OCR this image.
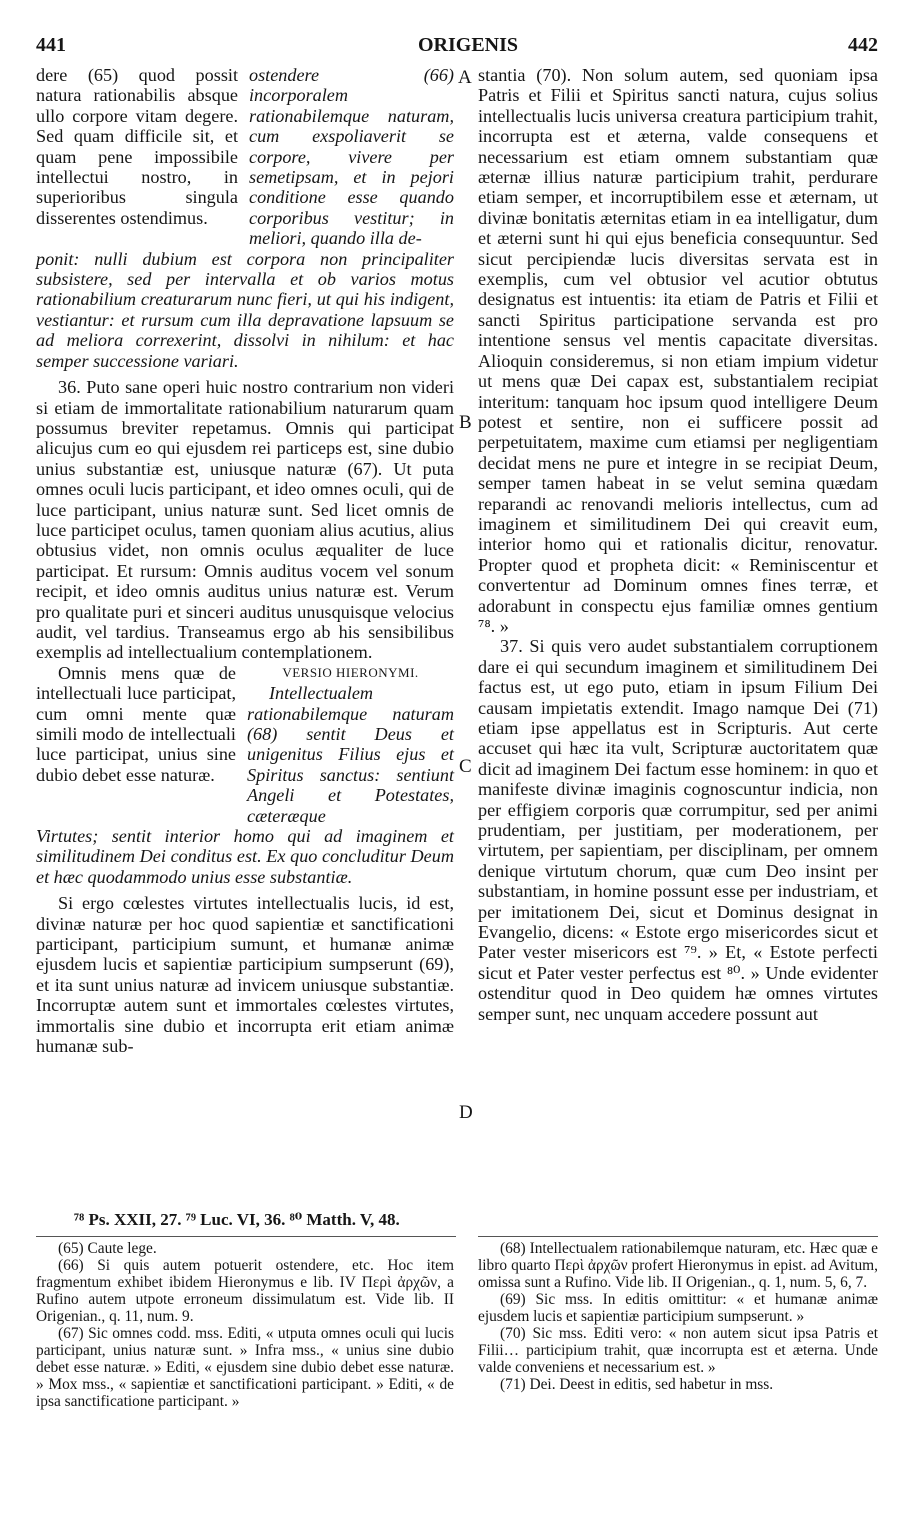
441	ORIGENIS	442
A
B
C
D
dere (65) quod possit natura rationabilis absque ullo corpore vitam degere. Sed quam difficile sit, et quam pene impossibile intellectui nostro, in superioribus singula disserentes ostendimus.
ostendere (66) incorporalem rationabilemque naturam, cum exspoliaverit se corpore, vivere per semetipsam, et in pejori conditione esse quando corporibus vestitur; in meliori, quando illa de-

ponit: nulli dubium est corpora non principaliter subsistere, sed per intervalla et ob varios motus rationabilium creaturarum nunc fieri, ut qui his indigent, vestiantur: et rursum cum illa depravatione lapsuum se ad meliora correxerint, dissolvi in nihilum: et hac semper successione variari.

36. Puto sane operi huic nostro contrarium non videri si etiam de immortalitate rationabilium naturarum quam possumus breviter repetamus. Omnis qui participat alicujus cum eo qui ejusdem rei particeps est, sine dubio unius substantiæ est, uniusque naturæ (67). Ut puta omnes oculi lucis participant, et ideo omnes oculi, qui de luce participant, unius naturæ sunt. Sed licet omnis de luce participet oculus, tamen quoniam alius acutius, alius obtusius videt, non omnis oculus æqualiter de luce participat. Et rursum: Omnis auditus vocem vel sonum recipit, et ideo omnis auditus unius naturæ est. Verum pro qualitate puri et sinceri auditus unusquisque velocius audit, vel tardius. Transeamus ergo ab his sensibilibus exemplis ad intellectualium contemplationem.

Omnis mens quæ de intellectuali luce participat, cum omni mente quæ simili modo de intellectuali luce participat, unius sine dubio debet esse naturæ.
VERSIO HIERONYMI.
Intellectualem rationabilemque naturam (68) sentit Deus et unigenitus Filius ejus et Spiritus sanctus: sentiunt Angeli et Potestates, cæteræque

Virtutes; sentit interior homo qui ad imaginem et similitudinem Dei conditus est. Ex quo concluditur Deum et hæc quodammodo unius esse substantiæ.

Si ergo cœlestes virtutes intellectualis lucis, id est, divinæ naturæ per hoc quod sapientiæ et sanctificationi participant, participium sumunt, et humanæ animæ ejusdem lucis et sapientiæ participium sumpserunt (69), et ita sunt unius naturæ ad invicem uniusque substantiæ. Incorruptæ autem sunt et immortales cœlestes virtutes, immortalis sine dubio et incorrupta erit etiam animæ humanæ sub-

stantia (70). Non solum autem, sed quoniam ipsa Patris et Filii et Spiritus sancti natura, cujus solius intellectualis lucis universa creatura participium trahit, incorrupta est et æterna, valde consequens et necessarium est etiam omnem substantiam quæ æternæ illius naturæ participium trahit, perdurare etiam semper, et incorruptibilem esse et æternam, ut divinæ bonitatis æternitas etiam in ea intelligatur, dum et æterni sunt hi qui ejus beneficia consequuntur. Sed sicut percipiendæ lucis diversitas servata est in exemplis, cum vel obtusior vel acutior obtutus designatus est intuentis: ita etiam de Patris et Filii et sancti Spiritus participatione servanda est pro intentione sensus vel mentis capacitate diversitas. Alioquin consideremus, si non etiam impium videtur ut mens quæ Dei capax est, substantialem recipiat interitum: tanquam hoc ipsum quod intelligere Deum potest et sentire, non ei sufficere possit ad perpetuitatem, maxime cum etiamsi per negligentiam decidat mens ne pure et integre in se recipiat Deum, semper tamen habeat in se velut semina quædam reparandi ac renovandi melioris intellectus, cum ad imaginem et similitudinem Dei qui creavit eum, interior homo qui et rationalis dicitur, renovatur. Propter quod et propheta dicit: « Reminiscentur et convertentur ad Dominum omnes fines terræ, et adorabunt in conspectu ejus familiæ omnes gentium ⁷⁸. »

37. Si quis vero audet substantialem corruptionem dare ei qui secundum imaginem et similitudinem Dei factus est, ut ego puto, etiam in ipsum Filium Dei causam impietatis extendit. Imago namque Dei (71) etiam ipse appellatus est in Scripturis. Aut certe accuset qui hæc ita vult, Scripturæ auctoritatem quæ dicit ad imaginem Dei factum esse hominem: in quo et manifeste divinæ imaginis cognoscuntur indicia, non per effigiem corporis quæ corrumpitur, sed per animi prudentiam, per justitiam, per moderationem, per virtutem, per sapientiam, per disciplinam, per omnem denique virtutum chorum, quæ cum Deo insint per substantiam, in homine possunt esse per industriam, et per imitationem Dei, sicut et Dominus designat in Evangelio, dicens: « Estote ergo misericordes sicut et Pater vester misericors est ⁷⁹. » Et, « Estote perfecti sicut et Pater vester perfectus est ⁸⁰. » Unde evidenter ostenditur quod in Deo quidem hæ omnes virtutes semper sunt, nec unquam accedere possunt aut

⁷⁸ Ps. XXII, 27. ⁷⁹ Luc. VI, 36. ⁸⁰ Matth. V, 48.

(65) Caute lege.

(66) Si quis autem potuerit ostendere, etc. Hoc item fragmentum exhibet ibidem Hieronymus e lib. IV Περὶ ἀρχῶν, a Rufino autem utpote erroneum dissimulatum est. Vide lib. II Origenian., q. 11, num. 9.

(67) Sic omnes codd. mss. Editi, « utputa omnes oculi qui lucis participant, unius naturæ sunt. » Infra mss., « unius sine dubio debet esse naturæ. » Editi, « ejusdem sine dubio debet esse naturæ. » Mox mss., « sapientiæ et sanctificationi participant. » Editi, « de ipsa sanctificatione participant. »

(68) Intellectualem rationabilemque naturam, etc. Hæc quæ e libro quarto Περὶ ἀρχῶν profert Hieronymus in epist. ad Avitum, omissa sunt a Rufino. Vide lib. II Origenian., q. 1, num. 5, 6, 7.

(69) Sic mss. In editis omittitur: « et humanæ animæ ejusdem lucis et sapientiæ participium sumpserunt. »

(70) Sic mss. Editi vero: « non autem sicut ipsa Patris et Filii… participium trahit, quæ incorrupta est et æterna. Unde valde conveniens et necessarium est. »

(71) Dei. Deest in editis, sed habetur in mss.
